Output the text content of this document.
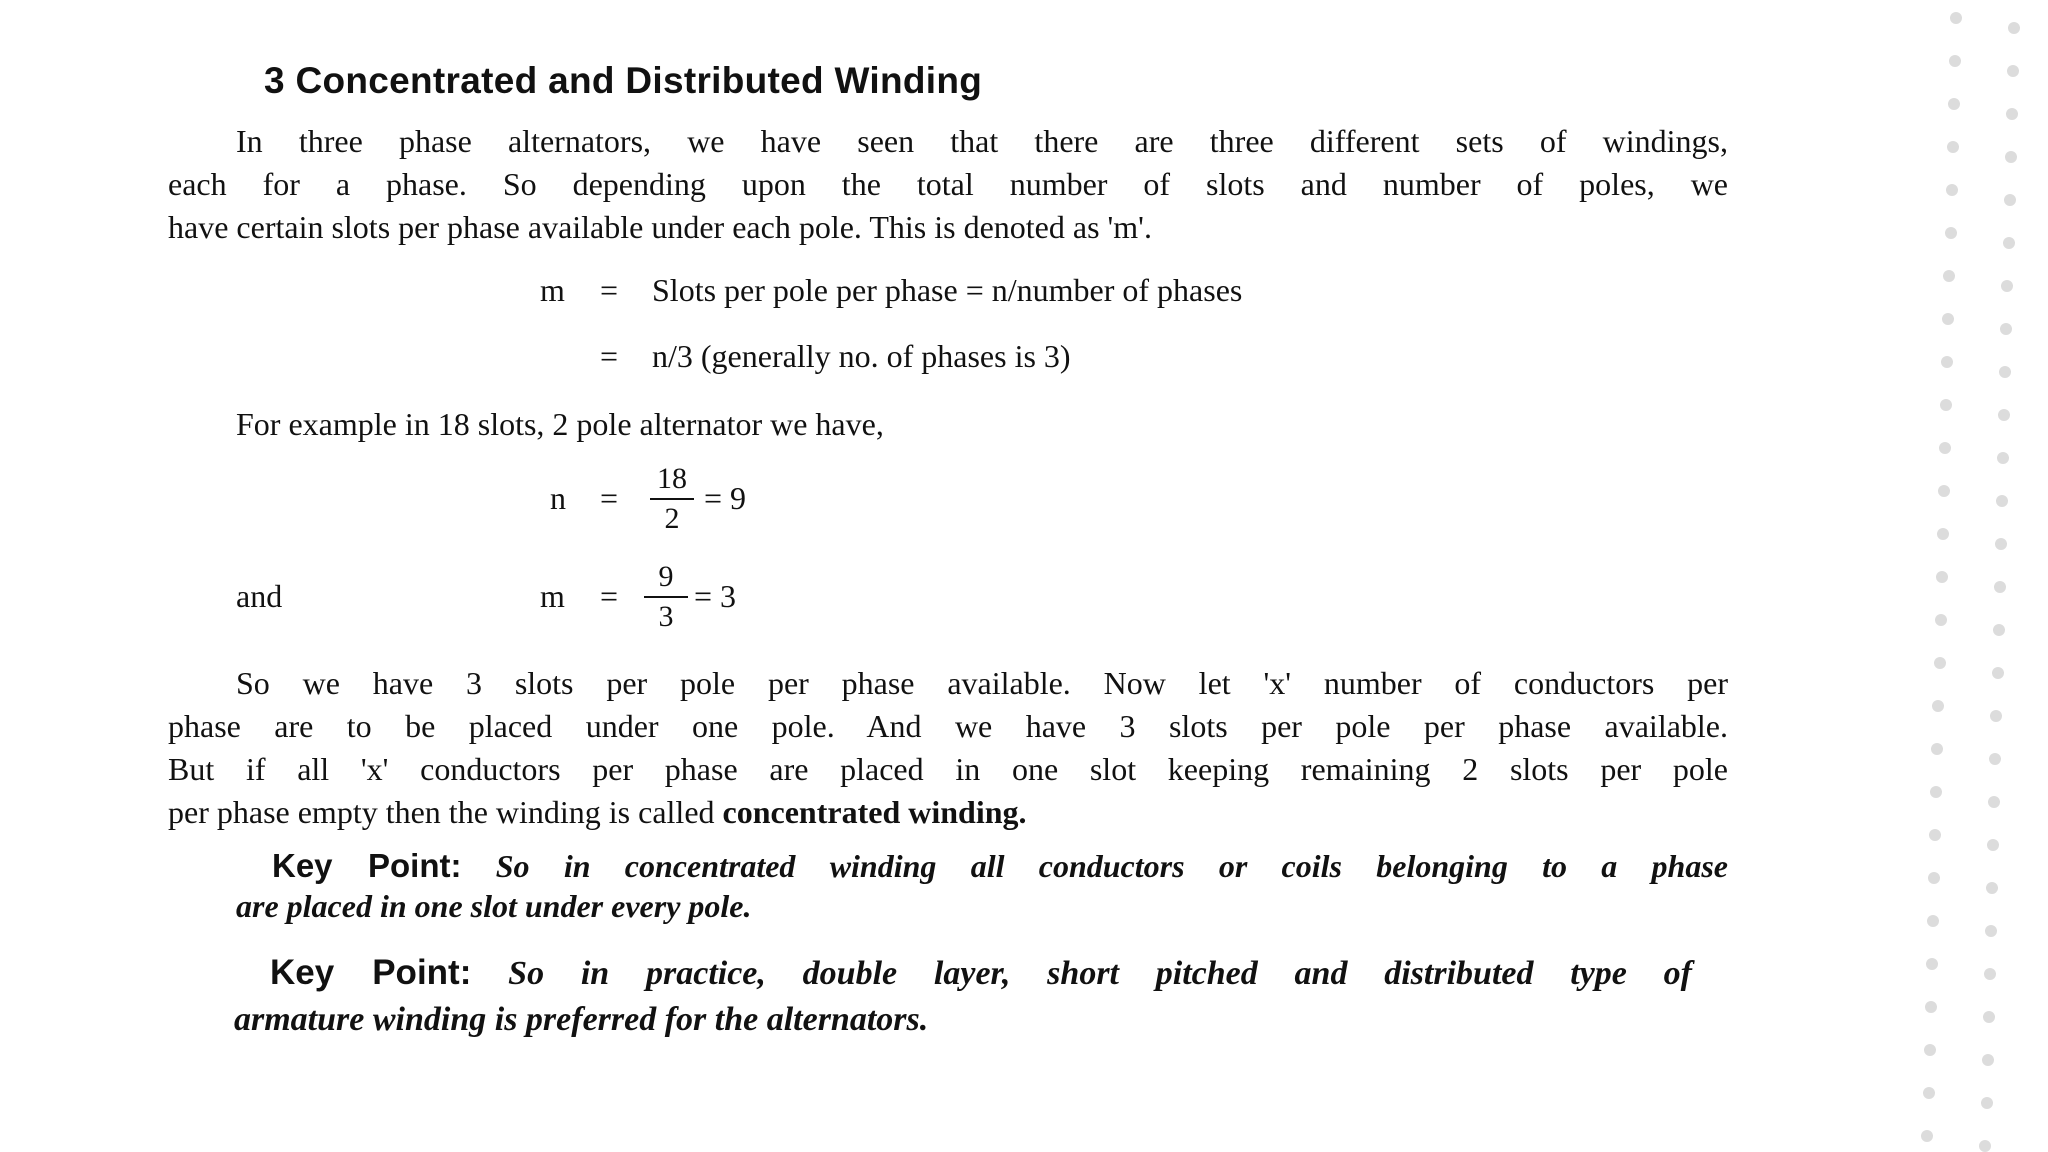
3 Concentrated and Distributed Winding

In three phase alternators, we have seen that there are three different sets of windings,
each for a phase. So depending upon the total number of slots and number of poles, we
have certain slots per phase available under each pole. This is denoted as 'm'.

m = Slots per pole per phase = n/number of phases
= n/3 (generally no. of phases is 3)

For example in 18 slots, 2 pole alternator we have,

n =
18
2
= 9
and	m =
9
3
= 3

So we have 3 slots per pole per phase available. Now let 'x' number of conductors per
phase are to be placed under one pole. And we have 3 slots per pole per phase available.
But if all 'x' conductors per phase are placed in one slot keeping remaining 2 slots per pole
per phase empty then the winding is called concentrated winding.

Key Point: So in concentrated winding all conductors or coils belonging to a phase
are placed in one slot under every pole.
Key Point: So in practice, double layer, short pitched and distributed type of
armature winding is preferred for the alternators.
